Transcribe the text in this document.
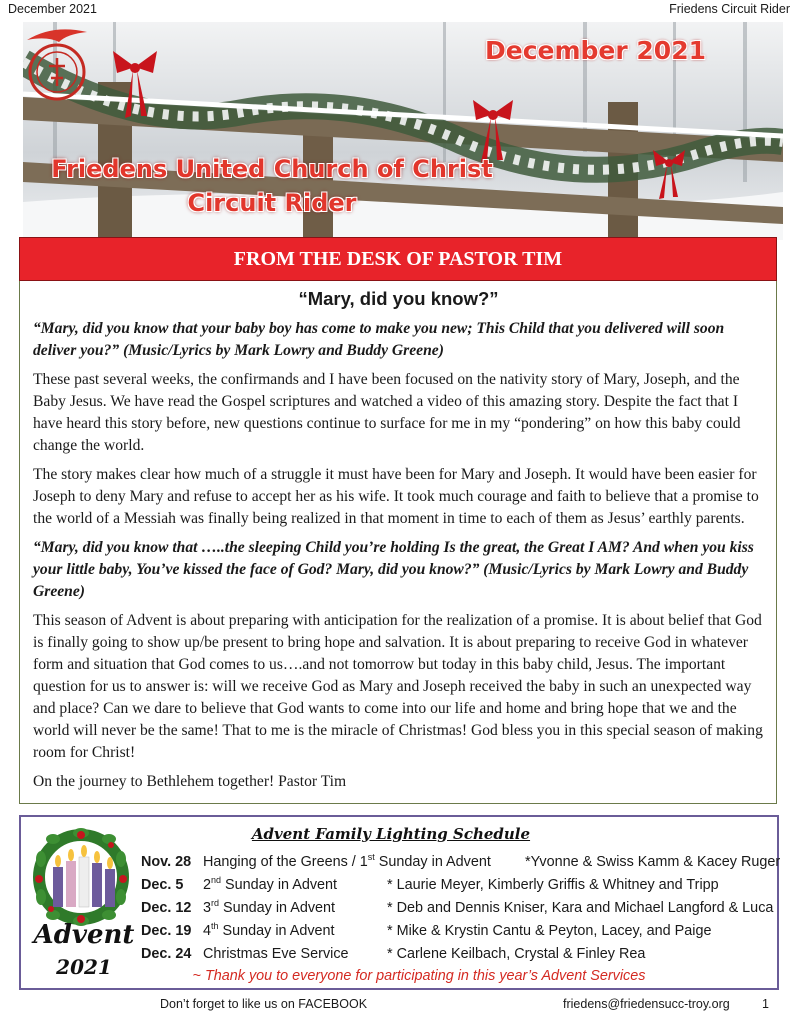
December 2021	Friedens Circuit Rider
December 2021
Friedens United Church of Christ
Circuit Rider
FROM THE DESK OF PASTOR TIM
“Mary, did you know?”

“Mary, did you know that your baby boy has come to make you new; This Child that you delivered will soon deliver you?” (Music/Lyrics by Mark Lowry and Buddy Greene)

These past several weeks, the confirmands and I have been focused on the nativity story of Mary, Joseph, and the Baby Jesus. We have read the Gospel scriptures and watched a video of this amazing story. Despite the fact that I have heard this story before, new questions continue to surface for me in my “pondering” on how this baby could change the world.

The story makes clear how much of a struggle it must have been for Mary and Joseph. It would have been easier for Joseph to deny Mary and refuse to accept her as his wife. It took much courage and faith to believe that a promise to the world of a Messiah was finally being realized in that moment in time to each of them as Jesus’ earthly parents.

“Mary, did you know that …..the sleeping Child you’re holding Is the great, the Great I AM? And when you kiss your little baby, You’ve kissed the face of God? Mary, did you know?” (Music/Lyrics by Mark Lowry and Buddy Greene)

This season of Advent is about preparing with anticipation for the realization of a promise. It is about belief that God is finally going to show up/be present to bring hope and salvation. It is about preparing to receive God in whatever form and situation that God comes to us….and not tomorrow but today in this baby child, Jesus. The important question for us to answer is: will we receive God as Mary and Joseph received the baby in such an unexpected way and place? Can we dare to believe that God wants to come into our life and home and bring hope that we and the world will never be the same! That to me is the miracle of Christmas! God bless you in this special season of making room for Christ!

On the journey to Bethlehem together! Pastor Tim

Advent
2021
Advent Family Lighting Schedule
Nov. 28 Hanging of the Greens / 1st Sunday in Advent *Yvonne & Swiss Kamm & Kacey Ruger
Dec. 5 2nd Sunday in Advent	* Laurie Meyer, Kimberly Griffis & Whitney and Tripp
Dec. 12 3rd Sunday in Advent	* Deb and Dennis Kniser, Kara and Michael Langford & Luca
Dec. 19 4th Sunday in Advent	* Mike & Krystin Cantu & Peyton, Lacey, and Paige
Dec. 24 Christmas Eve Service	* Carlene Keilbach, Crystal & Finley Rea
~ Thank you to everyone for participating in this year’s Advent Services
Don’t forget to like us on FACEBOOK	friedens@friedensucc-troy.org	1
